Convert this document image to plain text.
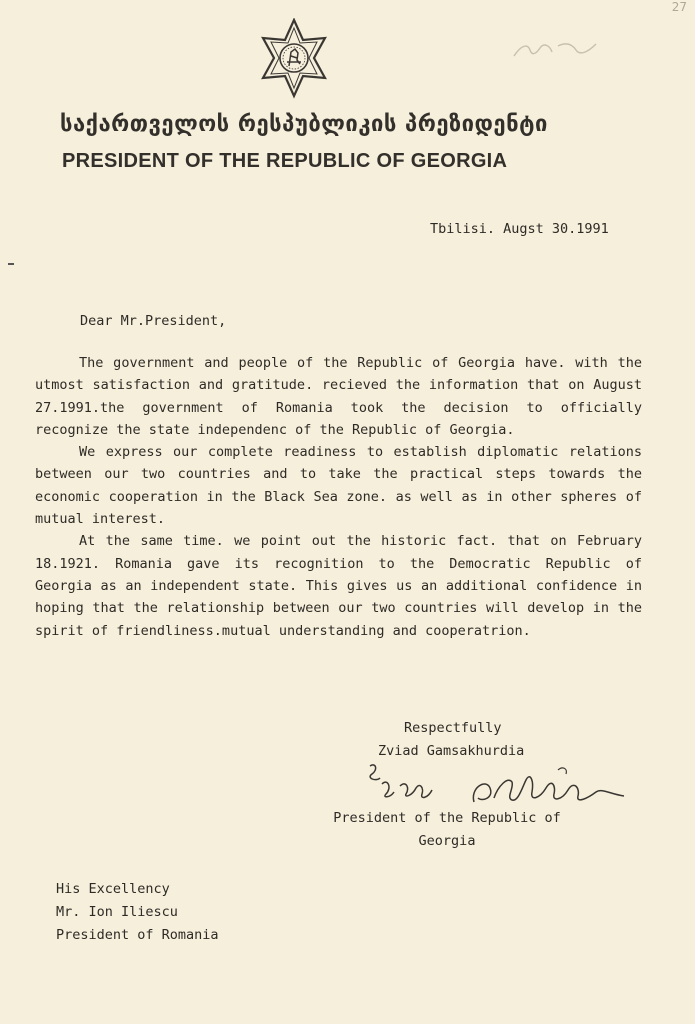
27
საქართველოს რესპუბლიკის პრეზიდენტი
PRESIDENT OF THE REPUBLIC OF GEORGIA
Tbilisi. Augst 30.1991
Dear Mr.President,

The government and people of the Republic of Georgia have. with the utmost satisfaction and gratitude. recieved the information that on August 27.1991.the government of Romania took the decision to officially recognize the state independenc of the Republic of Georgia.

We express our complete readiness to establish diplomatic relations between our two countries and to take the practical steps towards the economic cooperation in the Black Sea zone. as well as in other spheres of mutual interest.

At the same time. we point out the historic fact. that on February 18.1921. Romania gave its recognition to the Democratic Republic of Georgia as an independent state. This gives us an additional confidence in hoping that the relationship between our two countries will develop in the spirit of friendliness.mutual understanding and cooperatrion.

Respectfully
Zviad Gamsakhurdia
President of the Republic of
Georgia
His Excellency
Mr. Ion Iliescu
President of Romania
